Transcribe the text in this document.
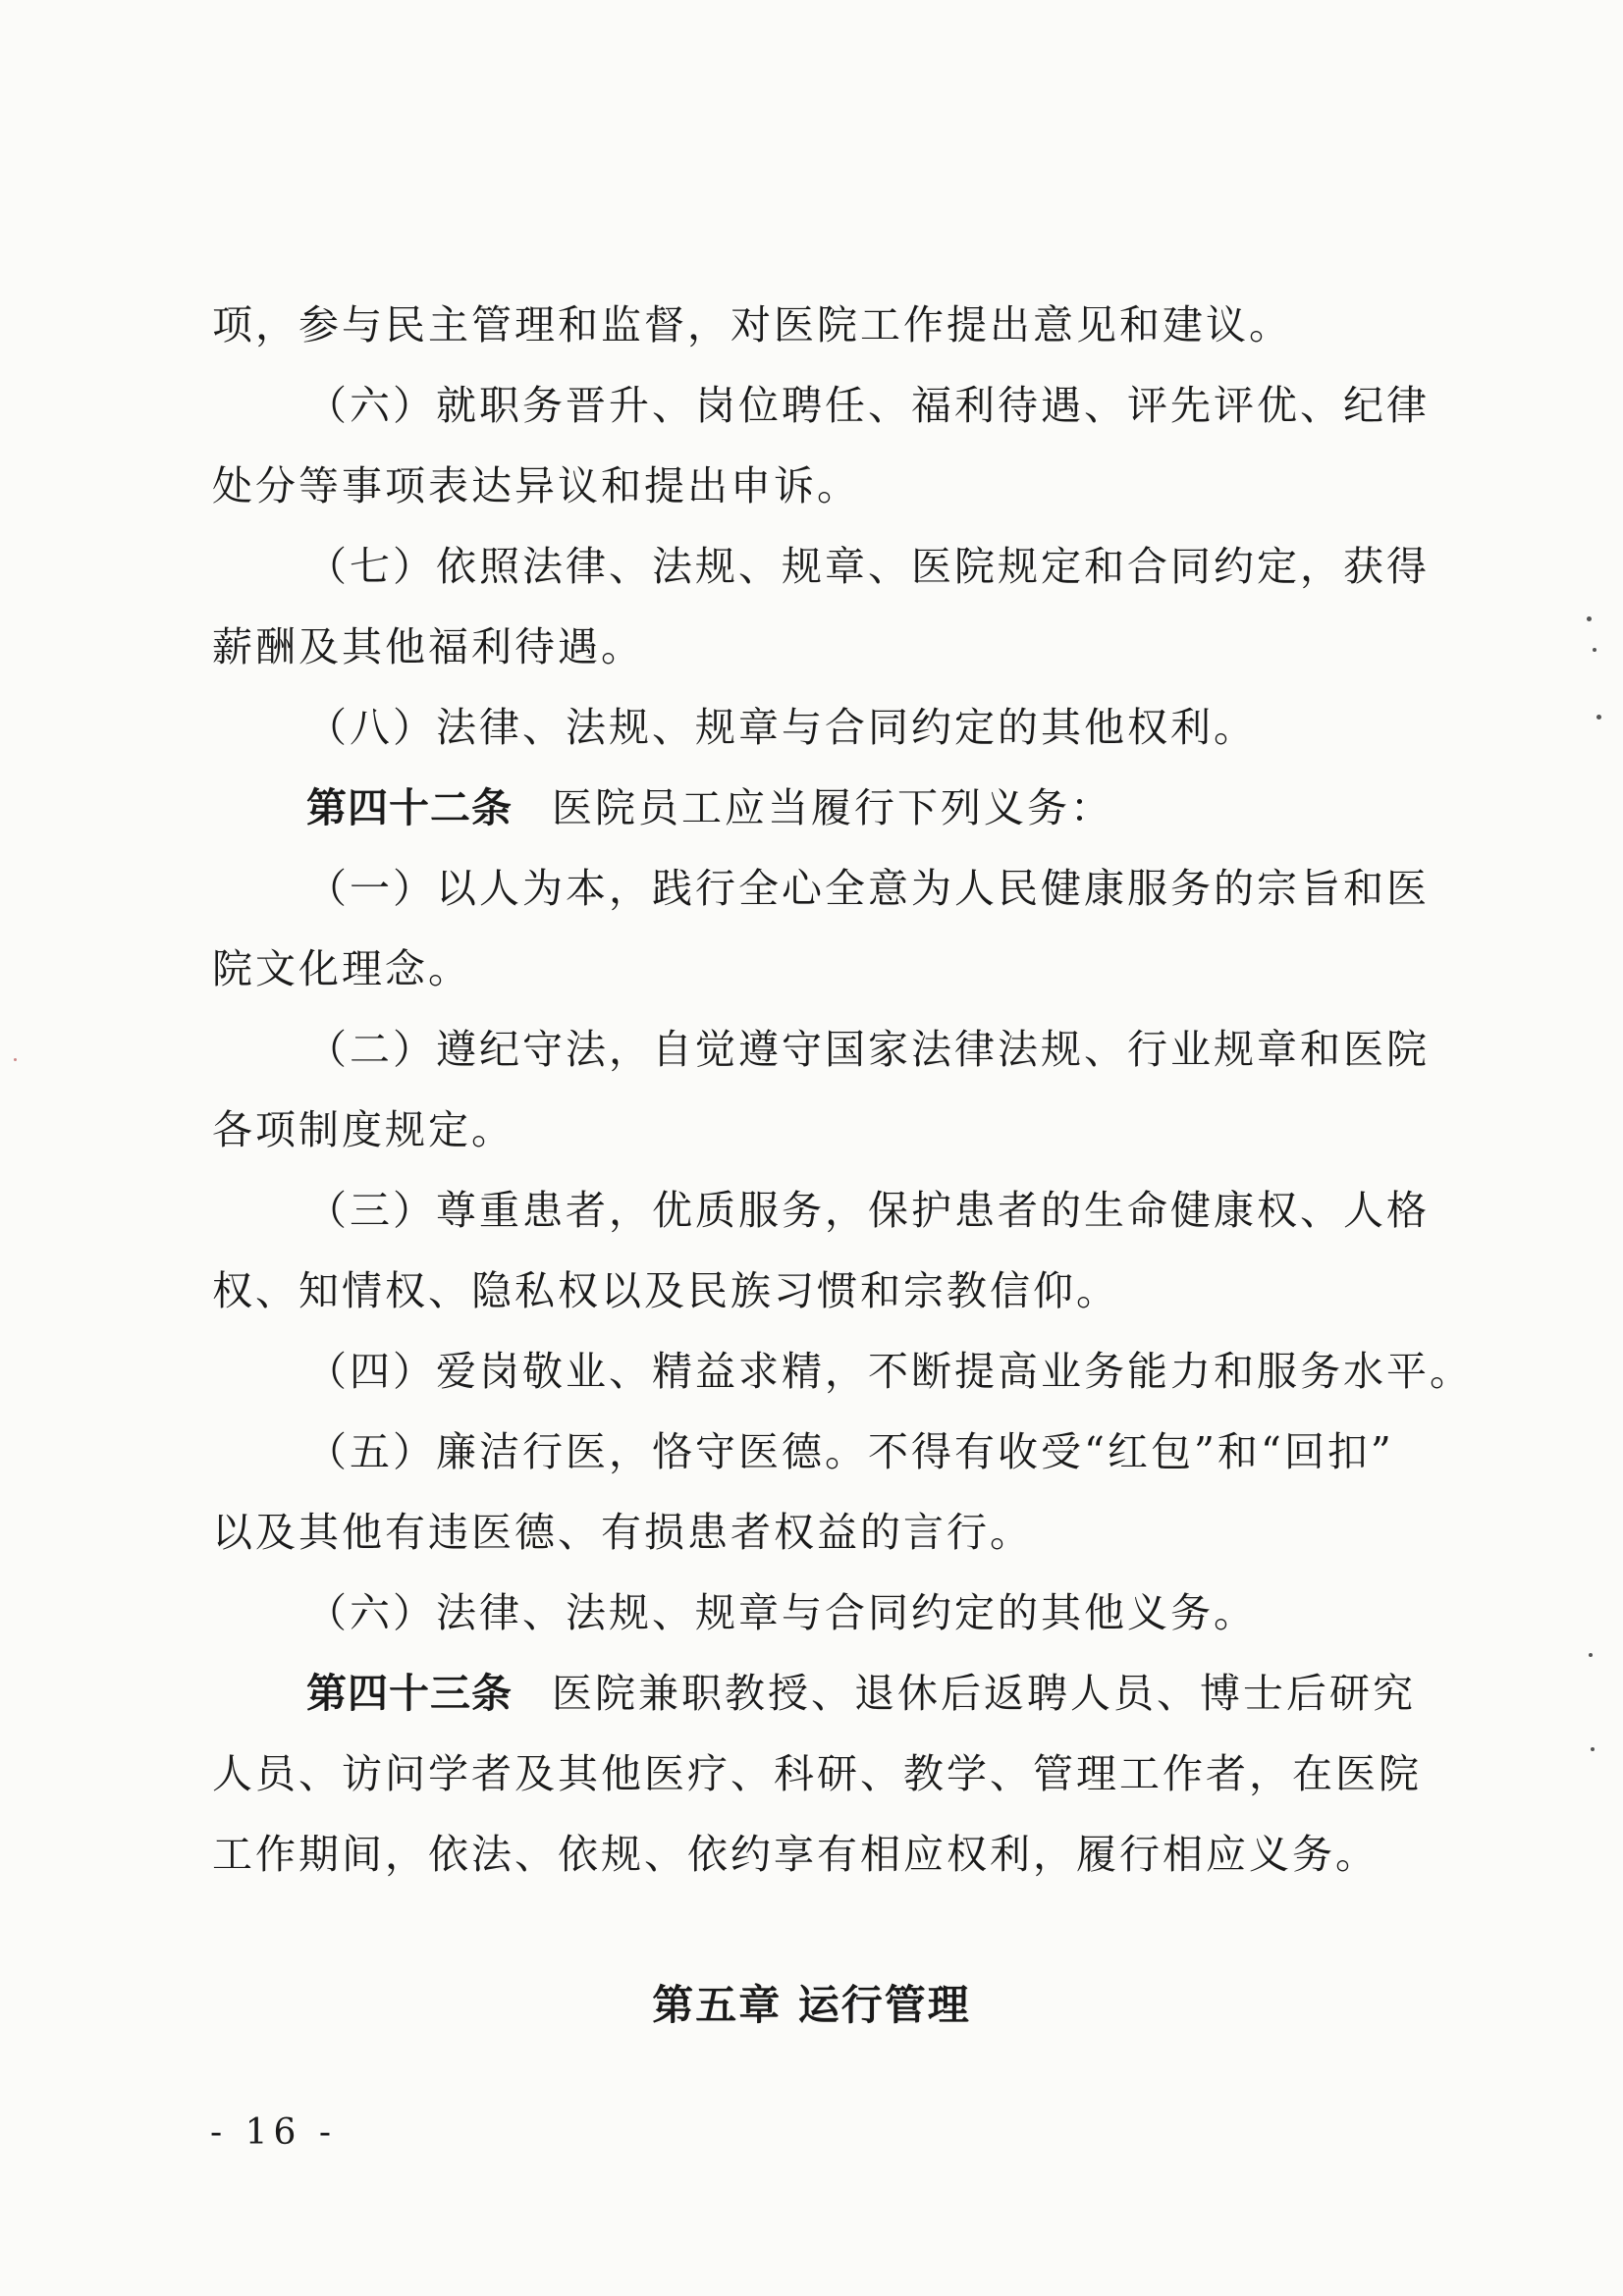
项，参与民主管理和监督，对医院工作提出意见和建议。
（六）就职务晋升、岗位聘任、福利待遇、评先评优、纪律
处分等事项表达异议和提出申诉。
（七）依照法律、法规、规章、医院规定和合同约定，获得
薪酬及其他福利待遇。
（八）法律、法规、规章与合同约定的其他权利。
第四十二条 医院员工应当履行下列义务：
（一）以人为本，践行全心全意为人民健康服务的宗旨和医
院文化理念。
（二）遵纪守法，自觉遵守国家法律法规、行业规章和医院
各项制度规定。
（三）尊重患者，优质服务，保护患者的生命健康权、人格
权、知情权、隐私权以及民族习惯和宗教信仰。
（四）爱岗敬业、精益求精，不断提高业务能力和服务水平。
（五）廉洁行医，恪守医德。不得有收受“红包”和“回扣”
以及其他有违医德、有损患者权益的言行。
（六）法律、法规、规章与合同约定的其他义务。
第四十三条 医院兼职教授、退休后返聘人员、博士后研究
人员、访问学者及其他医疗、科研、教学、管理工作者，在医院
工作期间，依法、依规、依约享有相应权利，履行相应义务。
第五章 运行管理
- 16 -
